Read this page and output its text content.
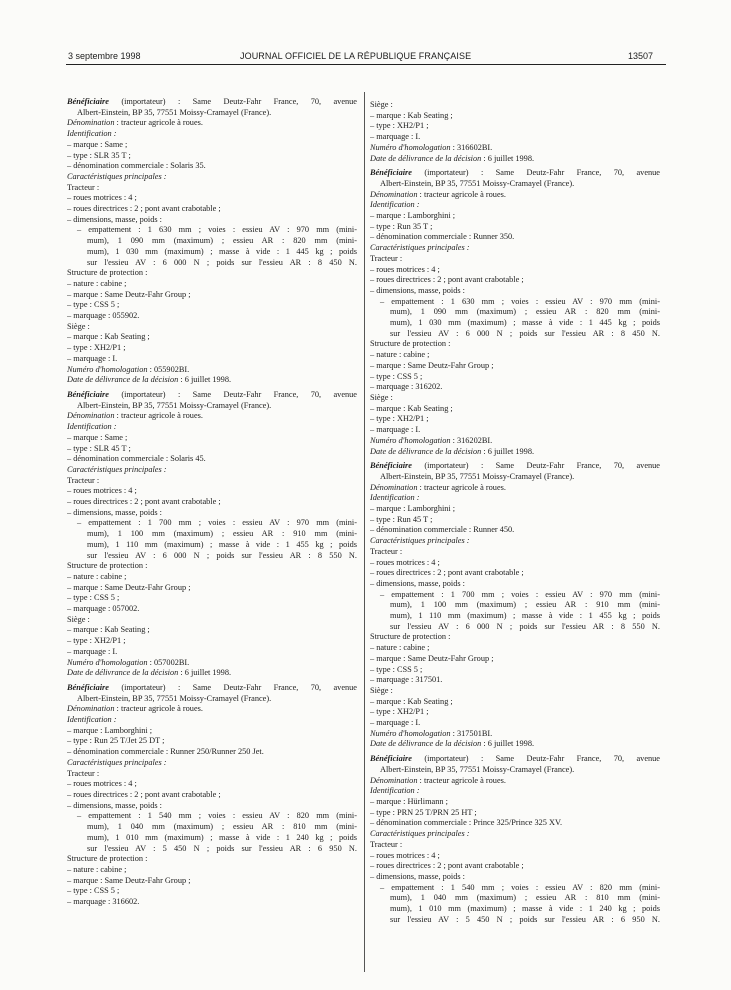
3 septembre 1998	JOURNAL OFFICIEL DE LA RÉPUBLIQUE FRANÇAISE	13507
Bénéficiaire (importateur) : Same Deutz-Fahr France, 70, avenue
Albert-Einstein, BP 35, 77551 Moissy-Cramayel (France).
Dénomination : tracteur agricole à roues.
Identification :
– marque : Same ;
– type : SLR 35 T ;
– dénomination commerciale : Solaris 35.
Caractéristiques principales :
Tracteur :
– roues motrices : 4 ;
– roues directrices : 2 ; pont avant crabotable ;
– dimensions, masse, poids :
– empattement : 1 630 mm ; voies : essieu AV : 970 mm (mini-
mum), 1 090 mm (maximum) ; essieu AR : 820 mm (mini-
mum), 1 030 mm (maximum) ; masse à vide : 1 445 kg ; poids
sur l'essieu AV : 6 000 N ; poids sur l'essieu AR : 8 450 N.
Structure de protection :
– nature : cabine ;
– marque : Same Deutz-Fahr Group ;
– type : CSS 5 ;
– marquage : 055902.
Siège :
– marque : Kab Seating ;
– type : XH2/P1 ;
– marquage : I.
Numéro d'homologation : 055902BI.
Date de délivrance de la décision : 6 juillet 1998.
Bénéficiaire (importateur) : Same Deutz-Fahr France, 70, avenue
Albert-Einstein, BP 35, 77551 Moissy-Cramayel (France).
Dénomination : tracteur agricole à roues.
Identification :
– marque : Same ;
– type : SLR 45 T ;
– dénomination commerciale : Solaris 45.
Caractéristiques principales :
Tracteur :
– roues motrices : 4 ;
– roues directrices : 2 ; pont avant crabotable ;
– dimensions, masse, poids :
– empattement : 1 700 mm ; voies : essieu AV : 970 mm (mini-
mum), 1 100 mm (maximum) ; essieu AR : 910 mm (mini-
mum), 1 110 mm (maximum) ; masse à vide : 1 455 kg ; poids
sur l'essieu AV : 6 000 N ; poids sur l'essieu AR : 8 550 N.
Structure de protection :
– nature : cabine ;
– marque : Same Deutz-Fahr Group ;
– type : CSS 5 ;
– marquage : 057002.
Siège :
– marque : Kab Seating ;
– type : XH2/P1 ;
– marquage : I.
Numéro d'homologation : 057002BI.
Date de délivrance de la décision : 6 juillet 1998.
Bénéficiaire (importateur) : Same Deutz-Fahr France, 70, avenue
Albert-Einstein, BP 35, 77551 Moissy-Cramayel (France).
Dénomination : tracteur agricole à roues.
Identification :
– marque : Lamborghini ;
– type : Run 25 T/Jet 25 DT ;
– dénomination commerciale : Runner 250/Runner 250 Jet.
Caractéristiques principales :
Tracteur :
– roues motrices : 4 ;
– roues directrices : 2 ; pont avant crabotable ;
– dimensions, masse, poids :
– empattement : 1 540 mm ; voies : essieu AV : 820 mm (mini-
mum), 1 040 mm (maximum) ; essieu AR : 810 mm (mini-
mum), 1 010 mm (maximum) ; masse à vide : 1 240 kg ; poids
sur l'essieu AV : 5 450 N ; poids sur l'essieu AR : 6 950 N.
Structure de protection :
– nature : cabine ;
– marque : Same Deutz-Fahr Group ;
– type : CSS 5 ;
– marquage : 316602.
Siège :
– marque : Kab Seating ;
– type : XH2/P1 ;
– marquage : I.
Numéro d'homologation : 316602BI.
Date de délivrance de la décision : 6 juillet 1998.
Bénéficiaire (importateur) : Same Deutz-Fahr France, 70, avenue
Albert-Einstein, BP 35, 77551 Moissy-Cramayel (France).
Dénomination : tracteur agricole à roues.
Identification :
– marque : Lamborghini ;
– type : Run 35 T ;
– dénomination commerciale : Runner 350.
Caractéristiques principales :
Tracteur :
– roues motrices : 4 ;
– roues directrices : 2 ; pont avant crabotable ;
– dimensions, masse, poids :
– empattement : 1 630 mm ; voies : essieu AV : 970 mm (mini-
mum), 1 090 mm (maximum) ; essieu AR : 820 mm (mini-
mum), 1 030 mm (maximum) ; masse à vide : 1 445 kg ; poids
sur l'essieu AV : 6 000 N ; poids sur l'essieu AR : 8 450 N.
Structure de protection :
– nature : cabine ;
– marque : Same Deutz-Fahr Group ;
– type : CSS 5 ;
– marquage : 316202.
Siège :
– marque : Kab Seating ;
– type : XH2/P1 ;
– marquage : I.
Numéro d'homologation : 316202BI.
Date de délivrance de la décision : 6 juillet 1998.
Bénéficiaire (importateur) : Same Deutz-Fahr France, 70, avenue
Albert-Einstein, BP 35, 77551 Moissy-Cramayel (France).
Dénomination : tracteur agricole à roues.
Identification :
– marque : Lamborghini ;
– type : Run 45 T ;
– dénomination commerciale : Runner 450.
Caractéristiques principales :
Tracteur :
– roues motrices : 4 ;
– roues directrices : 2 ; pont avant crabotable ;
– dimensions, masse, poids :
– empattement : 1 700 mm ; voies : essieu AV : 970 mm (mini-
mum), 1 100 mm (maximum) ; essieu AR : 910 mm (mini-
mum), 1 110 mm (maximum) ; masse à vide : 1 455 kg ; poids
sur l'essieu AV : 6 000 N ; poids sur l'essieu AR : 8 550 N.
Structure de protection :
– nature : cabine ;
– marque : Same Deutz-Fahr Group ;
– type : CSS 5 ;
– marquage : 317501.
Siège :
– marque : Kab Seating ;
– type : XH2/P1 ;
– marquage : I.
Numéro d'homologation : 317501BI.
Date de délivrance de la décision : 6 juillet 1998.
Bénéficiaire (importateur) : Same Deutz-Fahr France, 70, avenue
Albert-Einstein, BP 35, 77551 Moissy-Cramayel (France).
Dénomination : tracteur agricole à roues.
Identification :
– marque : Hürlimann ;
– type : PRN 25 T/PRN 25 HT ;
– dénomination commerciale : Prince 325/Prince 325 XV.
Caractéristiques principales :
Tracteur :
– roues motrices : 4 ;
– roues directrices : 2 ; pont avant crabotable ;
– dimensions, masse, poids :
– empattement : 1 540 mm ; voies : essieu AV : 820 mm (mini-
mum), 1 040 mm (maximum) ; essieu AR : 810 mm (mini-
mum), 1 010 mm (maximum) ; masse à vide : 1 240 kg ; poids
sur l'essieu AV : 5 450 N ; poids sur l'essieu AR : 6 950 N.
